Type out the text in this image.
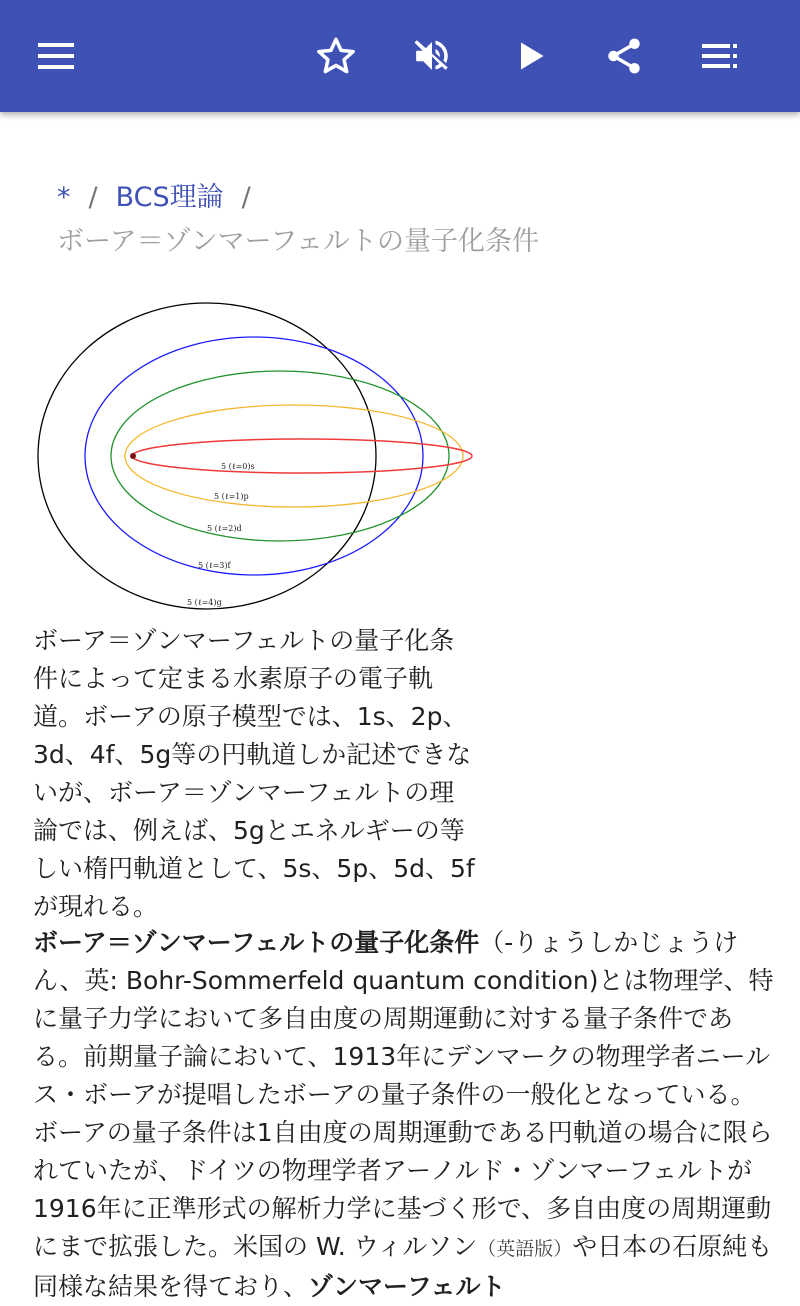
* / BCS理論 /
ボーア＝ゾンマーフェルトの量子化条件
5 (ℓ=0)s
5 (ℓ=1)p
5 (ℓ=2)d
5 (ℓ=3)f
5 (ℓ=4)g
ボーア＝ゾンマーフェルトの量子化条件によって定まる水素原子の電子軌道。ボーアの原子模型では、1s、2p、3d、4f、5g等の円軌道しか記述できないが、ボーア＝ゾンマーフェルトの理論では、例えば、5gとエネルギーの等しい楕円軌道として、5s、5p、5d、5fが現れる。
ボーア＝ゾンマーフェルトの量子化条件（-りょうしかじょうけん、英: Bohr-Sommerfeld quantum condition)とは物理学、特に量子力学において多自由度の周期運動に対する量子条件である。前期量子論において、1913年にデンマークの物理学者ニールス・ボーアが提唱したボーアの量子条件の一般化となっている。ボーアの量子条件は1自由度の周期運動である円軌道の場合に限られていたが、ドイツの物理学者アーノルド・ゾンマーフェルトが1916年に正準形式の解析力学に基づく形で、多自由度の周期運動にまで拡張した。米国の W. ウィルソン（英語版）や日本の石原純も同様な結果を得ており、ゾンマーフェルト
